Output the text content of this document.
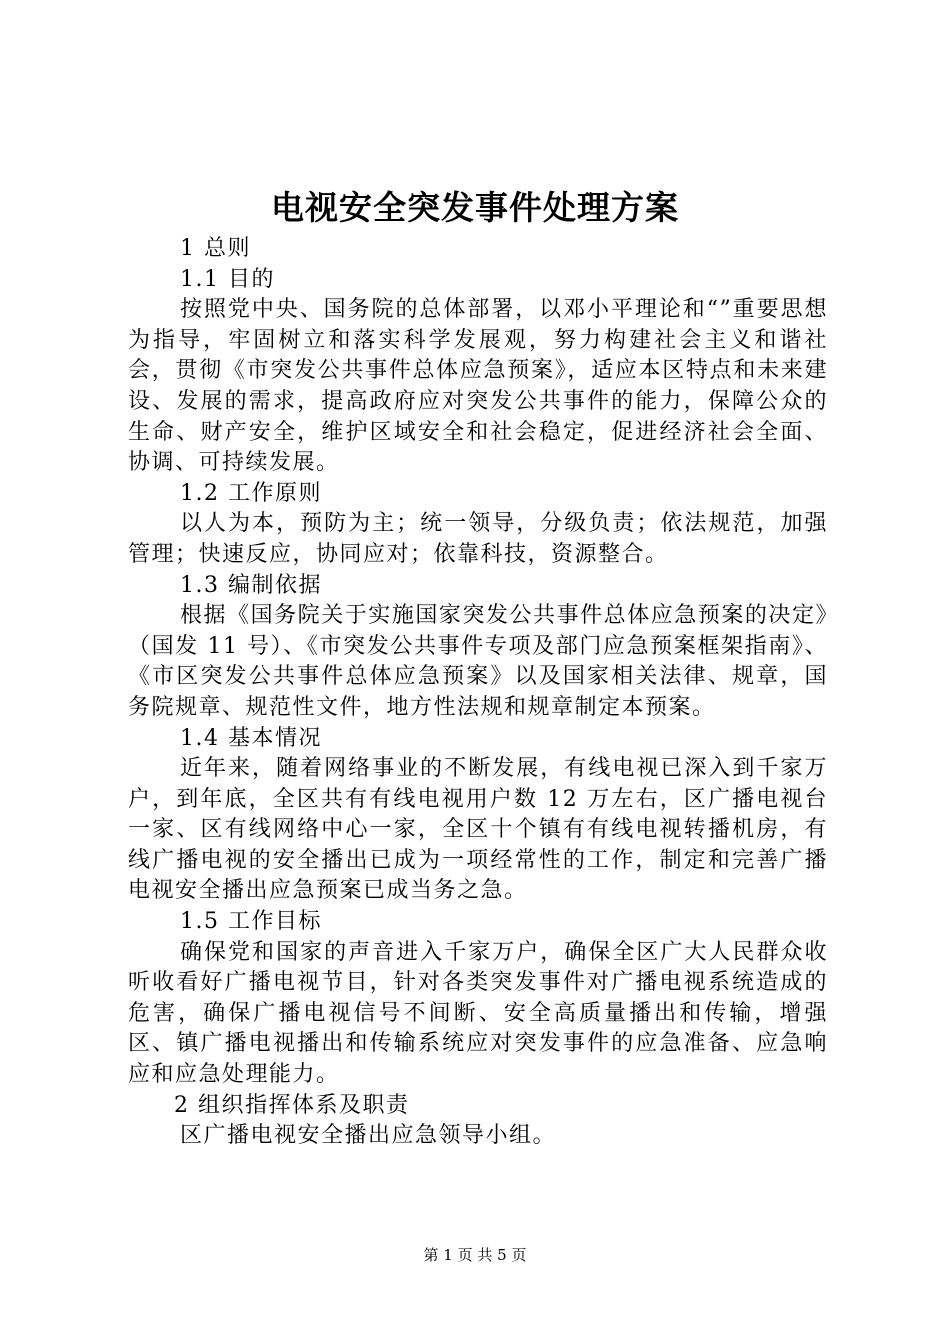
电视安全突发事件处理方案

1 总则

1.1 目的

按照党中央、国务院的总体部署，以邓小平理论和“”重要思想为指导，牢固树立和落实科学发展观，努力构建社会主义和谐社会，贯彻《市突发公共事件总体应急预案》，适应本区特点和未来建设、发展的需求，提高政府应对突发公共事件的能力，保障公众的生命、财产安全，维护区域安全和社会稳定，促进经济社会全面、协调、可持续发展。

1.2 工作原则

以人为本，预防为主；统一领导，分级负责；依法规范，加强管理；快速反应，协同应对；依靠科技，资源整合。

1.3 编制依据

根据《国务院关于实施国家突发公共事件总体应急预案的决定》（国发 11 号）、《市突发公共事件专项及部门应急预案框架指南》、《市区突发公共事件总体应急预案》以及国家相关法律、规章，国务院规章、规范性文件，地方性法规和规章制定本预案。

1.4 基本情况

近年来，随着网络事业的不断发展，有线电视已深入到千家万户，到年底，全区共有有线电视用户数 12 万左右，区广播电视台一家、区有线网络中心一家，全区十个镇有有线电视转播机房，有线广播电视的安全播出已成为一项经常性的工作，制定和完善广播电视安全播出应急预案已成当务之急。

1.5 工作目标

确保党和国家的声音进入千家万户，确保全区广大人民群众收听收看好广播电视节目，针对各类突发事件对广播电视系统造成的危害，确保广播电视信号不间断、安全高质量播出和传输，增强区、镇广播电视播出和传输系统应对突发事件的应急准备、应急响应和应急处理能力。

2 组织指挥体系及职责

区广播电视安全播出应急领导小组。

第 1 页 共 5 页
